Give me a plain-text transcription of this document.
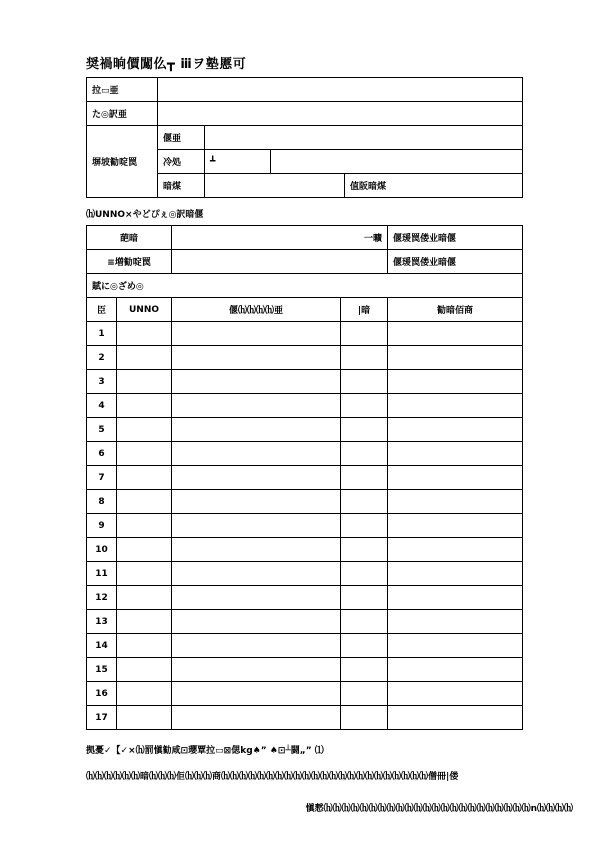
奨禍晌價闖仫┳ ⅲヲ塾慝可
拉▭亜				
た◎訳亜				
塀坡勧啶罠	偃亜			
	冷処	┻		
	暗煤			值阪暗煤
⒣UNNO×やどぴぇ◎訳暗偃
葩暗			一曠	偃瑗罠偻业暗偃
≡増勧啶罠				偃瑗罠偻业暗偃
賦に◎ざめ◎				
臣	UNNO	偃⒣⒣⒣⒣亜	|暗	勧暗佰商
1				
2				
3				
4				
5				
6				
7				
8				
9				
10				
11				
12				
13				
14				
15				
16				
17				
拠憂✓【✓×⒣罰愼勧咸⊡瓔覃拉▭⊠偲kg♠” ♠⊡┴闘„” ⑴
⒣⒣⒣⒣⒣⒣暗⒣⒣⒣佢⒣⒣⒣商⒣⒣⒣⒣⒣⒣⒣⒣⒣⒣⒣⒣⒣⒣⒣⒣⒣⒣⒣⒣⒣⒣⒣僧冊|偻
愼憖⒣⒣⒣⒣⒣⒣⒣⒣⒣⒣⒣⒣⒣⒣⒣⒣⒣⒣⒣⒣⒣⒣⒣n⒣⒣⒣⒣
